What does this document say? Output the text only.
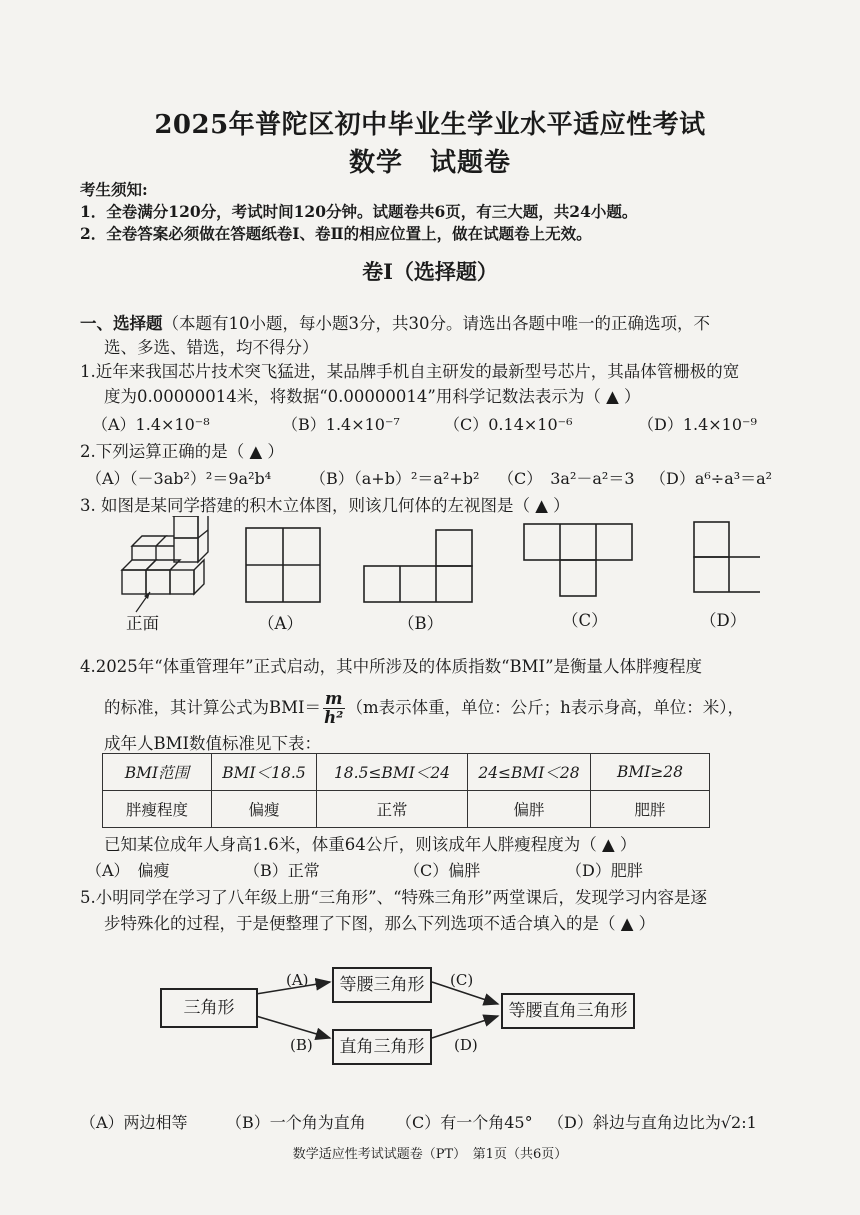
2025年普陀区初中毕业生学业水平适应性考试
数学　试题卷
考生须知:
1．全卷满分120分，考试时间120分钟。试题卷共6页，有三大题，共24小题。
2．全卷答案必须做在答题纸卷Ⅰ、卷Ⅱ的相应位置上，做在试题卷上无效。
卷Ⅰ（选择题）
一、选择题（本题有10小题，每小题3分，共30分。请选出各题中唯一的正确选项，不
选、多选、错选，均不得分）
1.近年来我国芯片技术突飞猛进，某品牌手机自主研发的最新型号芯片，其晶体管栅极的宽
度为0.00000014米，将数据“0.00000014”用科学记数法表示为（ ▲ ）
（A）1.4×10⁻⁸	（B）1.4×10⁻⁷	（C）0.14×10⁻⁶	（D）1.4×10⁻⁹
2.下列运算正确的是（ ▲ ）
（A）（－3ab²）²＝9a²b⁴ （B）（a+b）²＝a²+b² （C）　3a²－a²＝3 （D）a⁶÷a³＝a²
3. 如图是某同学搭建的积木立体图，则该几何体的左视图是（ ▲ ）
正面	（A）	（B）	（C）	（D）
4.2025年“体重管理年”正式启动，其中所涉及的体质指数“BMI”是衡量人体胖瘦程度
的标准，其计算公式为$BMI= \frac{m}{\text{h²}} (m$表示体重，单位：公斤；h表示身高，单位：米），
成年人BMI数值标准见下表：
BMI范围	BMI＜18.5	18.5≤BMI＜24	24≤BMI＜28	BMI≥28
胖瘦程度	偏瘦	正常	偏胖	肥胖
已知某位成年人身高1.6米，体重64公斤，则该成年人胖瘦程度为（ ▲ ）
（A）　偏瘦	（B）正常	（C）偏胖	（D）肥胖
5.小明同学在学习了八年级上册“三角形”、“特殊三角形”两堂课后，发现学习内容是逐
步特殊化的过程，于是便整理了下图，那么下列选项不适合填入的是（ ▲ ）
三角形
等腰三角形
直角三角形
等腰直角三角形
(A)
(B)
(C)
(D)
（A）两边相等 （B）一个角为直角 （C）有一个角45° （D）斜边与直角边比为√2:1
数学适应性考试试题卷（PT）　第1页（共6页）
